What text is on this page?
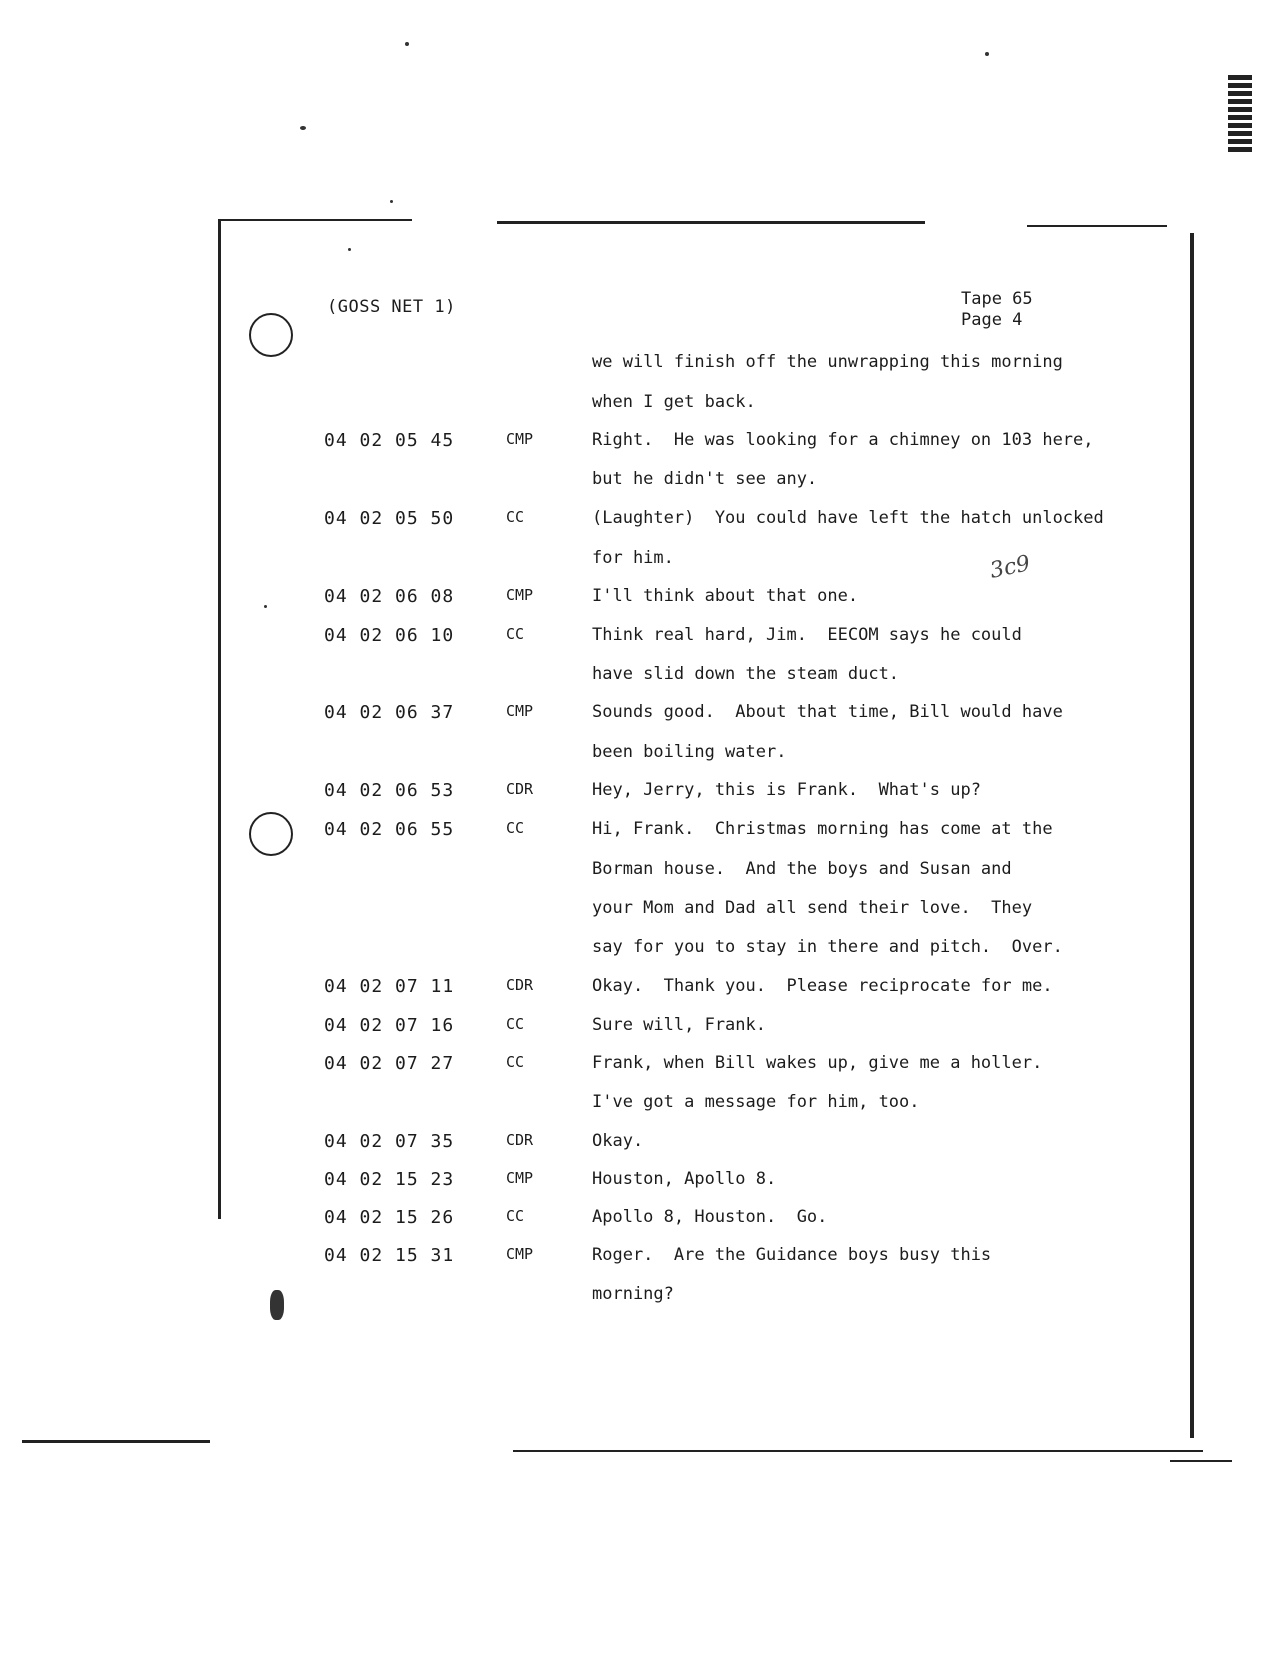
(GOSS NET 1)	Tape 65
Page 4
3c9
we will finish off the unwrapping this morning
when I get back.
04 02 05 45	CMP	Right.  He was looking for a chimney on 103 here,
but he didn't see any.
04 02 05 50	CC	(Laughter)  You could have left the hatch unlocked
for him.
04 02 06 08	CMP	I'll think about that one.
04 02 06 10	CC	Think real hard, Jim.  EECOM says he could
have slid down the steam duct.
04 02 06 37	CMP	Sounds good.  About that time, Bill would have
been boiling water.
04 02 06 53	CDR	Hey, Jerry, this is Frank.  What's up?
04 02 06 55	CC	Hi, Frank.  Christmas morning has come at the
Borman house.  And the boys and Susan and
your Mom and Dad all send their love.  They
say for you to stay in there and pitch.  Over.
04 02 07 11	CDR	Okay.  Thank you.  Please reciprocate for me.
04 02 07 16	CC	Sure will, Frank.
04 02 07 27	CC	Frank, when Bill wakes up, give me a holler.
I've got a message for him, too.
04 02 07 35	CDR	Okay.
04 02 15 23	CMP	Houston, Apollo 8.
04 02 15 26	CC	Apollo 8, Houston.  Go.
04 02 15 31	CMP	Roger.  Are the Guidance boys busy this
morning?
